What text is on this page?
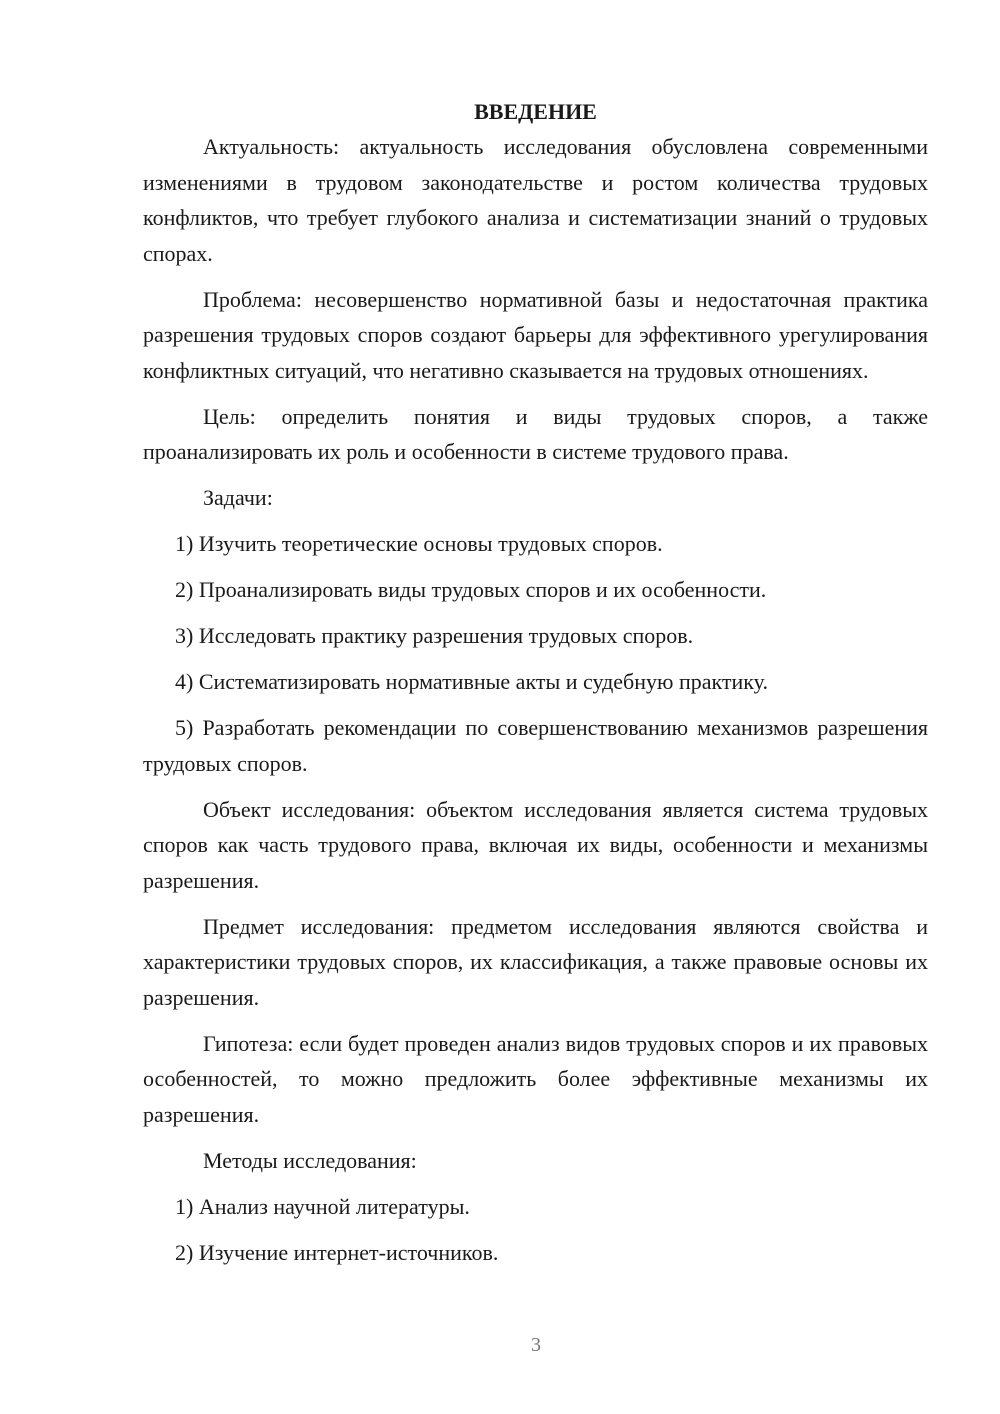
ВВЕДЕНИЕ

Актуальность: актуальность исследования обусловлена современными изменениями в трудовом законодательстве и ростом количества трудовых конфликтов, что требует глубокого анализа и систематизации знаний о трудовых спорах.

Проблема: несовершенство нормативной базы и недостаточная практика разрешения трудовых споров создают барьеры для эффективного урегулирования конфликтных ситуаций, что негативно сказывается на трудовых отношениях.

Цель: определить понятия и виды трудовых споров, а также проанализировать их роль и особенности в системе трудового права.

Задачи:

1) Изучить теоретические основы трудовых споров.

2) Проанализировать виды трудовых споров и их особенности.

3) Исследовать практику разрешения трудовых споров.

4) Систематизировать нормативные акты и судебную практику.

5) Разработать рекомендации по совершенствованию механизмов разрешения трудовых споров.

Объект исследования: объектом исследования является система трудовых споров как часть трудового права, включая их виды, особенности и механизмы разрешения.

Предмет исследования: предметом исследования являются свойства и характеристики трудовых споров, их классификация, а также правовые основы их разрешения.

Гипотеза: если будет проведен анализ видов трудовых споров и их правовых особенностей, то можно предложить более эффективные механизмы их разрешения.

Методы исследования:

1) Анализ научной литературы.

2) Изучение интернет-источников.

3
